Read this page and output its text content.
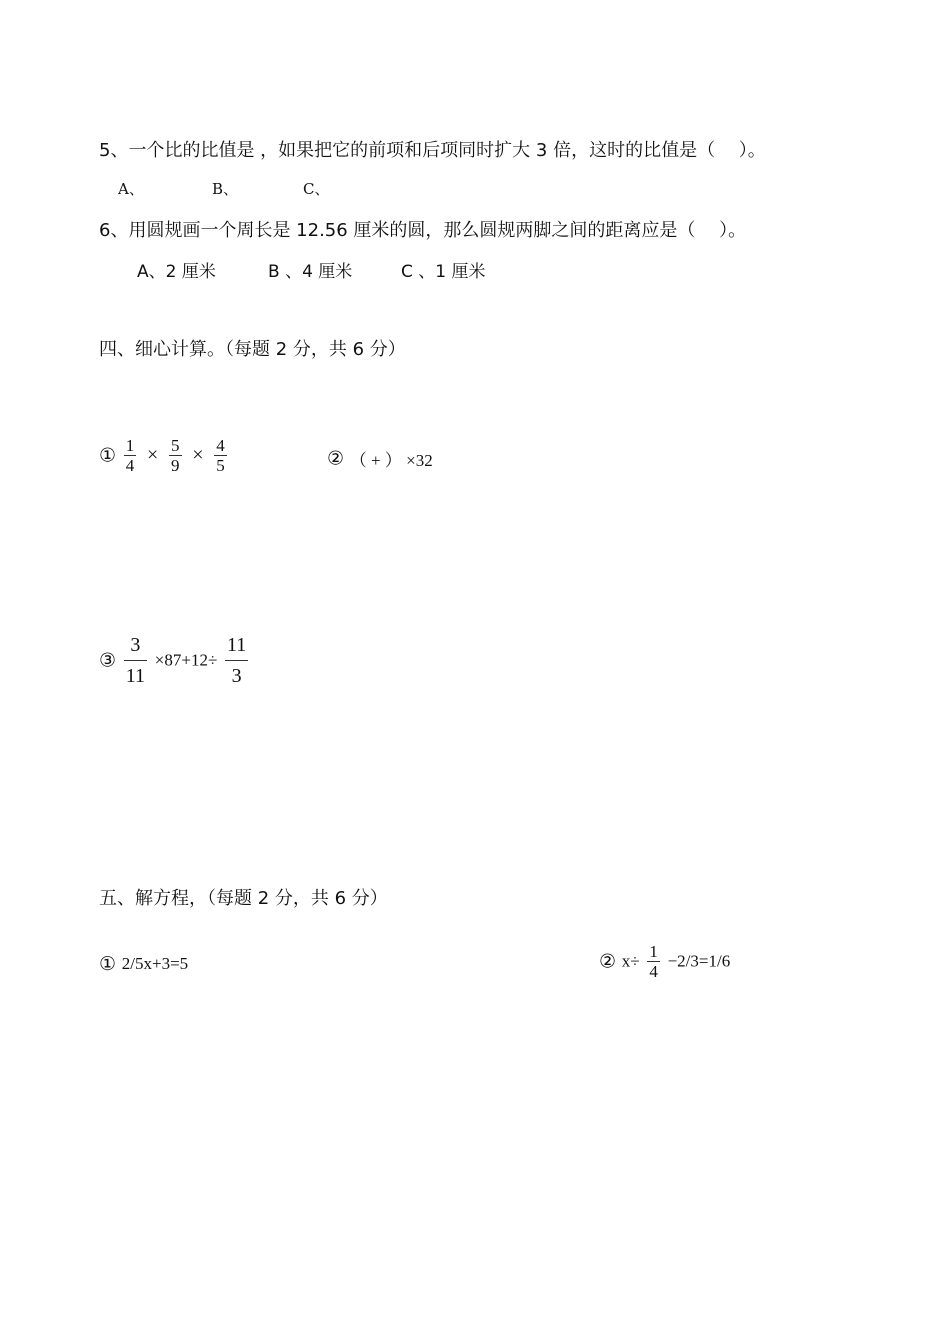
5、一个比的比值是 ，如果把它的前项和后项同时扩大 3 倍，这时的比值是（　 ）。
A、	B、	C、
6、用圆规画一个周长是 12.56 厘米的圆，那么圆规两脚之间的距离应是（　 ）。
A、2 厘米	B 、4 厘米	C 、1 厘米
四、细心计算。（每题 2 分，共 6 分）
① $\frac{1}{4} \times \frac{5}{9} \times \frac{4}{5}$	② （ + ） ×32
③ $\frac{3}{11} \times 87+12\div \frac{11}{3}$
五、解方程，（每题 2 分，共 6 分）
① 2/5x+3=5	② $x\div \frac{1}{4} -2/3=1/6$
